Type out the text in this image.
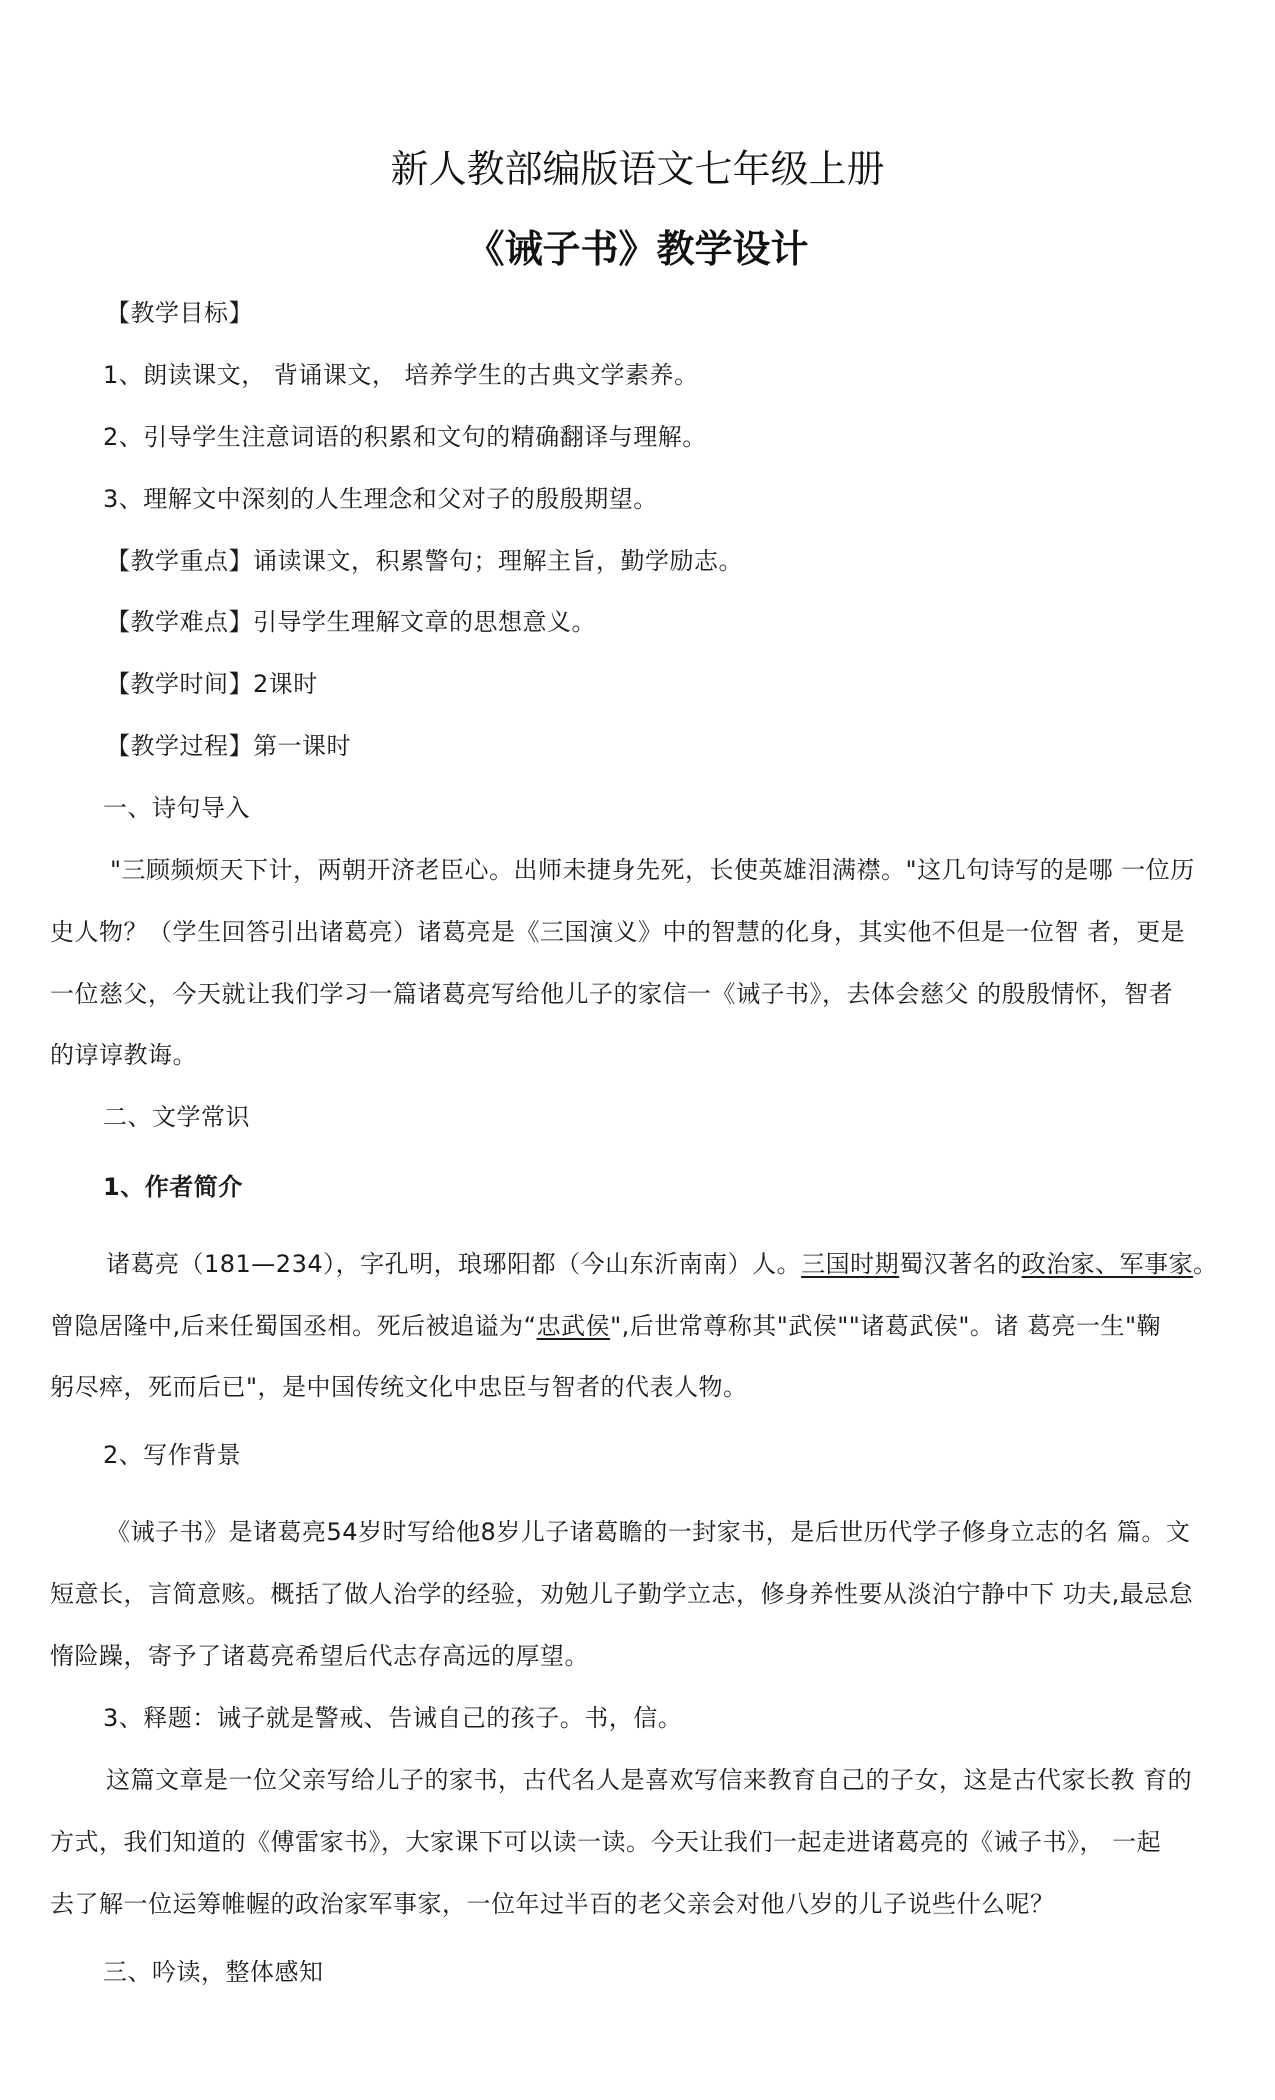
新人教部编版语文七年级上册
《诫子书》教学设计
【教学目标】
1、朗读课文， 背诵课文， 培养学生的古典文学素养。
2、引导学生注意词语的积累和文句的精确翻译与理解。
3、理解文中深刻的人生理念和父对子的殷殷期望。
【教学重点】诵读课文，积累警句；理解主旨，勤学励志。
【教学难点】引导学生理解文章的思想意义。
【教学时间】2课时
【教学过程】第一课时
一、诗句导入
"三顾频烦天下计，两朝开济老臣心。出师未捷身先死，长使英雄泪满襟。"这几句诗写的是哪 一位历
史人物？（学生回答引出诸葛亮）诸葛亮是《三国演义》中的智慧的化身，其实他不但是一位智 者，更是
一位慈父，今天就让我们学习一篇诸葛亮写给他儿子的家信一《诫子书》，去体会慈父 的殷殷情怀，智者
的谆谆教诲。
二、文学常识
1、作者简介
诸葛亮（181—234），字孔明，琅琊阳都（今山东沂南南）人。三国时期蜀汉著名的政治家、军事家。
曾隐居隆中,后来任蜀国丞相。死后被追谥为“忠武侯",后世常尊称其"武侯""诸葛武侯"。诸 葛亮一生"鞠
躬尽瘁，死而后已"，是中国传统文化中忠臣与智者的代表人物。
2、写作背景
《诫子书》是诸葛亮54岁时写给他8岁儿子诸葛瞻的一封家书，是后世历代学子修身立志的名 篇。文
短意长，言简意赅。概括了做人治学的经验，劝勉儿子勤学立志，修身养性要从淡泊宁静中下 功夫,最忌怠
惰险躁，寄予了诸葛亮希望后代志存高远的厚望。
3、释题：诫子就是警戒、告诫自己的孩子。书，信。
这篇文章是一位父亲写给儿子的家书，古代名人是喜欢写信来教育自己的子女，这是古代家长教 育的
方式，我们知道的《傅雷家书》，大家课下可以读一读。今天让我们一起走进诸葛亮的《诫子书》， 一起
去了解一位运筹帷幄的政治家军事家，一位年过半百的老父亲会对他八岁的儿子说些什么呢？
三、吟读，整体感知
